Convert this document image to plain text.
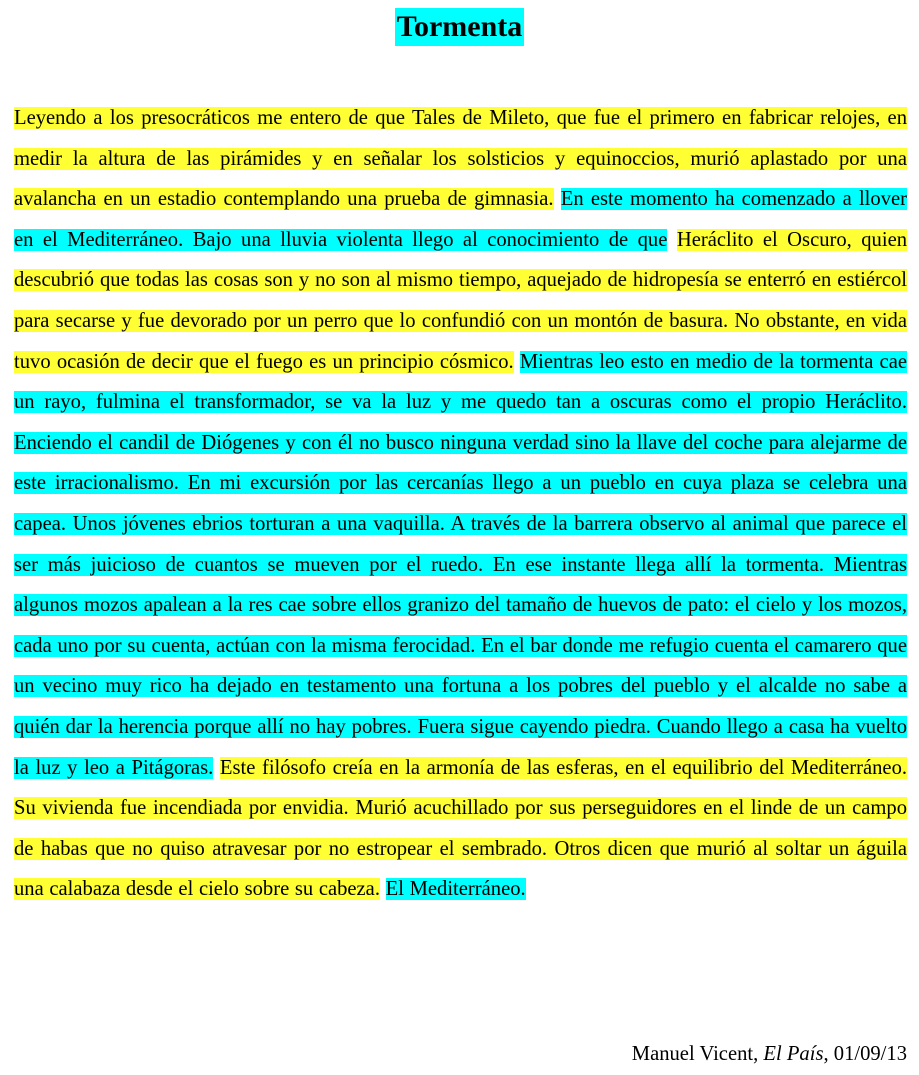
Tormenta

Leyendo a los presocráticos me entero de que Tales de Mileto, que fue el primero en fabricar relojes, en medir la altura de las pirámides y en señalar los solsticios y equinoccios, murió aplastado por una avalancha en un estadio contemplando una prueba de gimnasia. En este momento ha comenzado a llover en el Mediterráneo. Bajo una lluvia violenta llego al conocimiento de que Heráclito el Oscuro, quien descubrió que todas las cosas son y no son al mismo tiempo, aquejado de hidropesía se enterró en estiércol para secarse y fue devorado por un perro que lo confundió con un montón de basura. No obstante, en vida tuvo ocasión de decir que el fuego es un principio cósmico. Mientras leo esto en medio de la tormenta cae un rayo, fulmina el transformador, se va la luz y me quedo tan a oscuras como el propio Heráclito. Enciendo el candil de Diógenes y con él no busco ninguna verdad sino la llave del coche para alejarme de este irracionalismo. En mi excursión por las cercanías llego a un pueblo en cuya plaza se celebra una capea. Unos jóvenes ebrios torturan a una vaquilla. A través de la barrera observo al animal que parece el ser más juicioso de cuantos se mueven por el ruedo. En ese instante llega allí la tormenta. Mientras algunos mozos apalean a la res cae sobre ellos granizo del tamaño de huevos de pato: el cielo y los mozos, cada uno por su cuenta, actúan con la misma ferocidad. En el bar donde me refugio cuenta el camarero que un vecino muy rico ha dejado en testamento una fortuna a los pobres del pueblo y el alcalde no sabe a quién dar la herencia porque allí no hay pobres. Fuera sigue cayendo piedra. Cuando llego a casa ha vuelto la luz y leo a Pitágoras. Este filósofo creía en la armonía de las esferas, en el equilibrio del Mediterráneo. Su vivienda fue incendiada por envidia. Murió acuchillado por sus perseguidores en el linde de un campo de habas que no quiso atravesar por no estropear el sembrado. Otros dicen que murió al soltar un águila una calabaza desde el cielo sobre su cabeza. El Mediterráneo.

Manuel Vicent, El País, 01/09/13
